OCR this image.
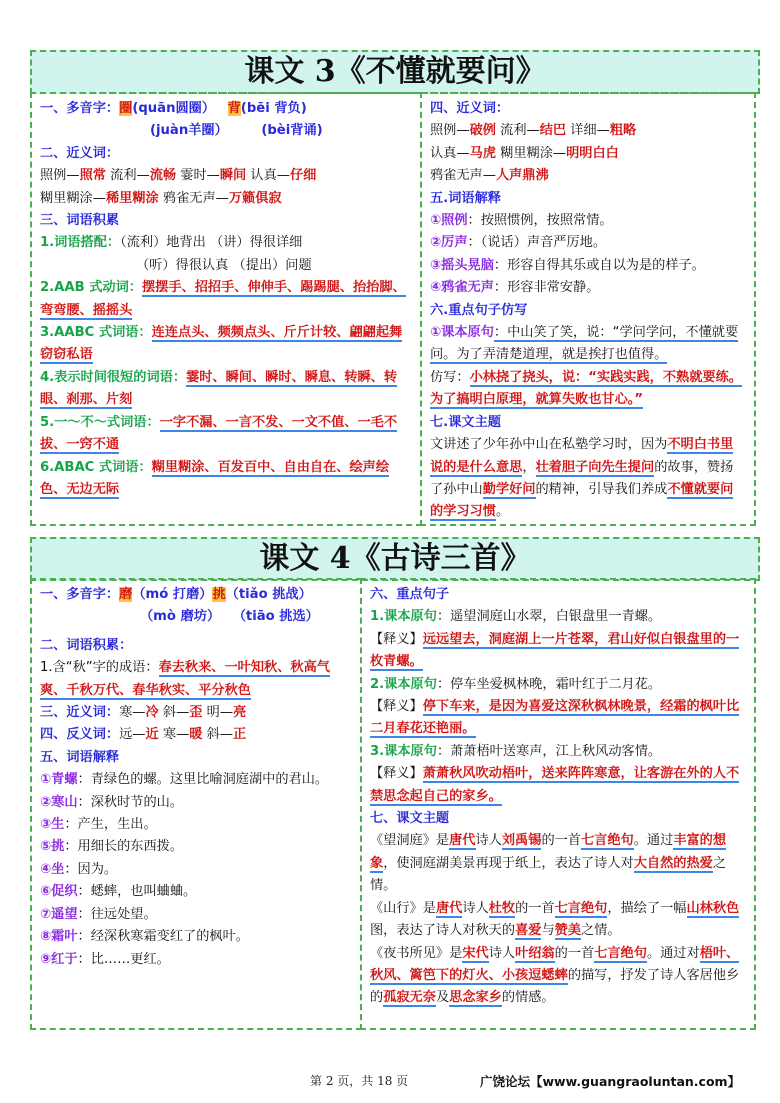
课文 3《不懂就要问》

一、多音字：圈(quān圆圈） 背(bēi 背负)

(juàn羊圈）	(bèi背诵)

二、近义词：

照例—照常 流利—流畅 霎时—瞬间 认真—仔细

糊里糊涂—稀里糊涂 鸦雀无声—万籁俱寂

三、词语积累

1.词语搭配：（流利）地背出 （讲）得很详细

（听）得很认真 （提出）问题

2.AAB 式动词：摆摆手、招招手、伸伸手、踢踢腿、抬抬脚、弯弯腰、摇摇头

3.AABC 式词语：连连点头、频频点头、斤斤计较、翩翩起舞 窃窃私语

4.表示时间很短的词语：霎时、瞬间、瞬时、瞬息、转瞬、转眼、刹那、片刻

5.一～不～式词语：一字不漏、一言不发、一文不值、一毛不拔、一窍不通

6.ABAC 式词语：糊里糊涂、百发百中、自由自在、绘声绘色、无边无际

四、近义词：

照例—破例 流利—结巴 详细—粗略

认真—马虎 糊里糊涂—明明白白

鸦雀无声—人声鼎沸

五.词语解释

①照例：按照惯例，按照常情。

②厉声：（说话）声音严厉地。

③摇头晃脑：形容自得其乐或自以为是的样子。

④鸦雀无声：形容非常安静。

六.重点句子仿写

①课本原句：中山笑了笑，说：“学问学问，不懂就要问。为了弄清楚道理，就是挨打也值得。

仿写：小林挠了挠头，说：“实践实践，不熟就要练。为了搞明白原理，就算失败也甘心。”

七.课文主题

文讲述了少年孙中山在私塾学习时，因为不明白书里说的是什么意思，壮着胆子向先生提问的故事，赞扬了孙中山勤学好问的精神，引导我们养成不懂就要问的学习习惯。

课文 4《古诗三首》

一、多音字：磨（mó 打磨）挑（tiǎo 挑战）

（mò 磨坊） （tiāo 挑选）

二、词语积累：

1.含“秋”字的成语：春去秋来、一叶知秋、秋高气爽、千秋万代、春华秋实、平分秋色

三、近义词：寒—冷 斜—歪 明—亮

四、反义词：远—近 寒—暖 斜—正

五、词语解释

①青螺：青绿色的螺。这里比喻洞庭湖中的君山。

②寒山：深秋时节的山。

③生：产生，生出。

⑤挑：用细长的东西拨。

④坐：因为。

⑥促织：蟋蟀，也叫蛐蛐。

⑦遥望：往远处望。

⑧霜叶：经深秋寒霜变红了的枫叶。

⑨红于：比……更红。

六、重点句子

1.课本原句：遥望洞庭山水翠，白银盘里一青螺。

【释义】远远望去，洞庭湖上一片苍翠，君山好似白银盘里的一枚青螺。

2.课本原句：停车坐爱枫林晚，霜叶红于二月花。

【释义】停下车来，是因为喜爱这深秋枫林晚景，经霜的枫叶比二月春花还艳丽。

3.课本原句：萧萧梧叶送寒声，江上秋风动客情。

【释义】萧萧秋风吹动梧叶，送来阵阵寒意，让客游在外的人不禁思念起自己的家乡。

七、课文主题

《望洞庭》是唐代诗人刘禹锡的一首七言绝句。通过丰富的想象，使洞庭湖美景再现于纸上，表达了诗人对大自然的热爱之情。

《山行》是唐代诗人杜牧的一首七言绝句，描绘了一幅山林秋色图，表达了诗人对秋天的喜爱与赞美之情。

《夜书所见》是宋代诗人叶绍翁的一首七言绝句。通过对梧叶、秋风、篱笆下的灯火、小孩逗蟋蟀的描写，抒发了诗人客居他乡的孤寂无奈及思念家乡的情感。

第 2 页，共 18 页	广饶论坛【www.guangraoluntan.com】
